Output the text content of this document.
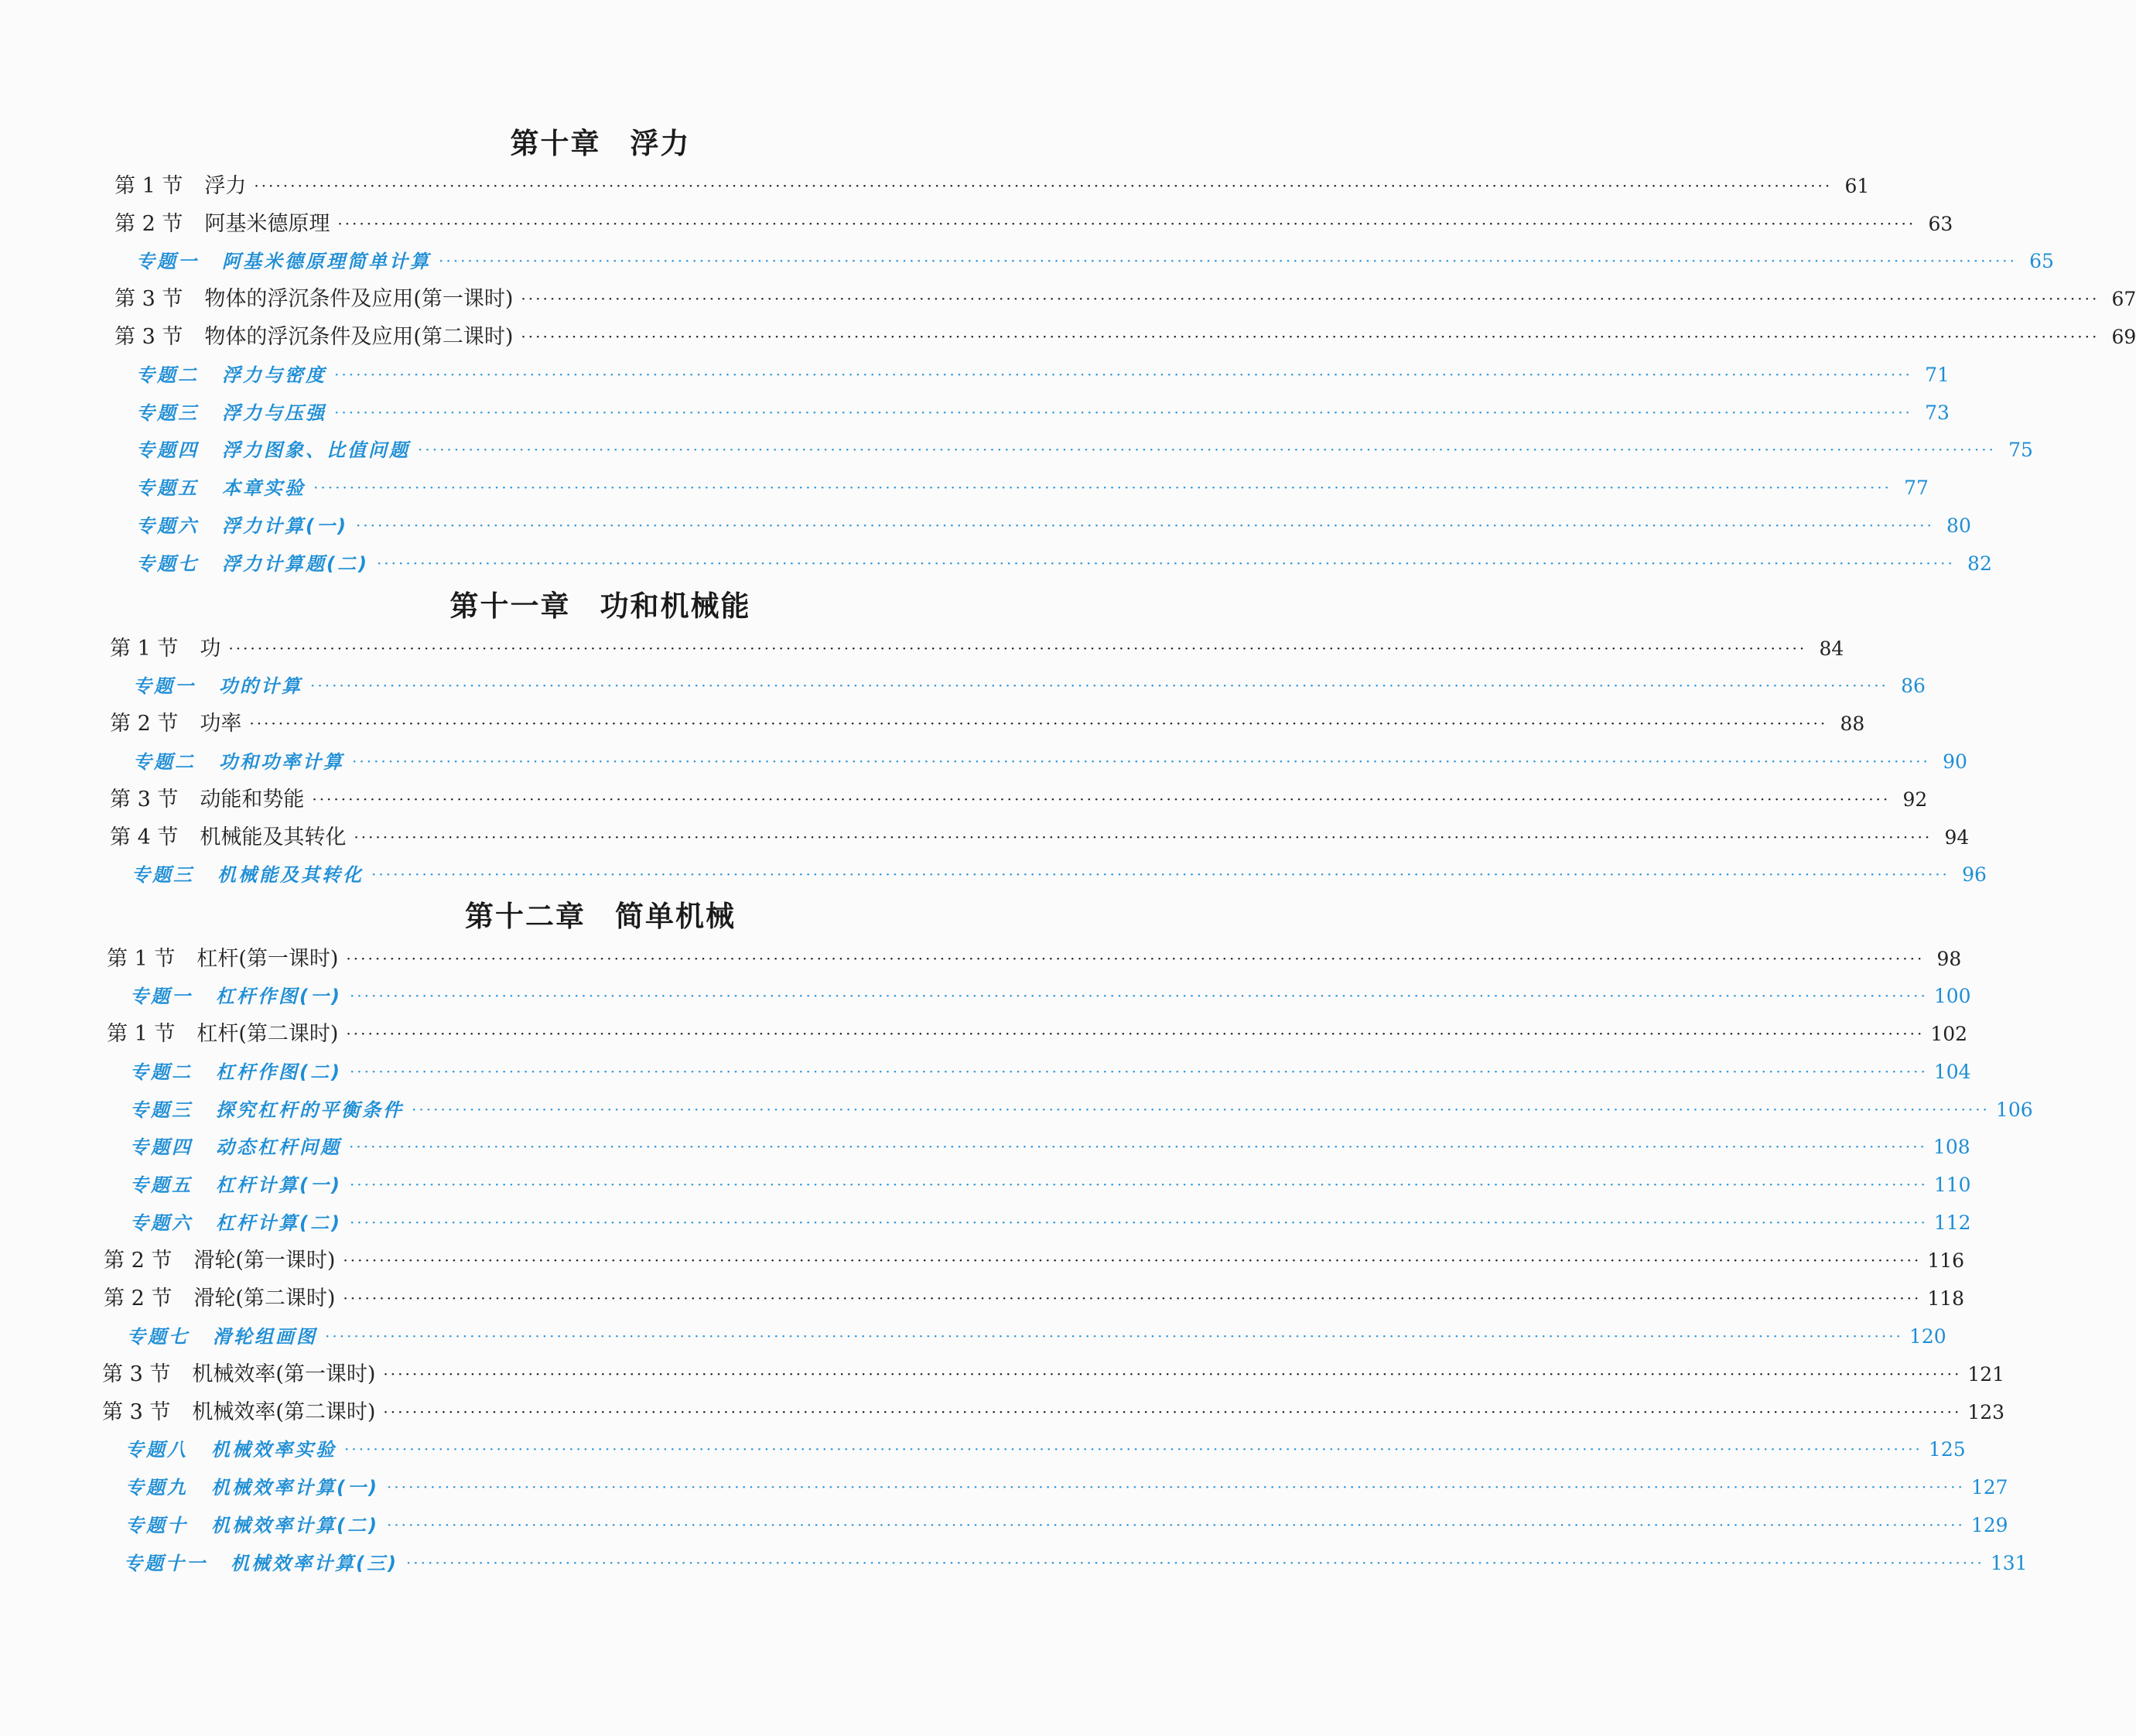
第十章 浮力
第 1 节 浮力 ·························································································································································································································· 61
第 2 节 阿基米德原理 ·························································································································································································································· 63
专题一 阿基米德原理简单计算 ·························································································································································································································· 65
第 3 节 物体的浮沉条件及应用(第一课时) ·························································································································································································································· 67
第 3 节 物体的浮沉条件及应用(第二课时) ·························································································································································································································· 69
专题二 浮力与密度 ·························································································································································································································· 71
专题三 浮力与压强 ·························································································································································································································· 73
专题四 浮力图象、比值问题 ·························································································································································································································· 75
专题五 本章实验 ·························································································································································································································· 77
专题六 浮力计算(一) ·························································································································································································································· 80
专题七 浮力计算题(二) ·························································································································································································································· 82
第十一章 功和机械能
第 1 节 功 ·························································································································································································································· 84
专题一 功的计算 ·························································································································································································································· 86
第 2 节 功率 ·························································································································································································································· 88
专题二 功和功率计算 ·························································································································································································································· 90
第 3 节 动能和势能 ·························································································································································································································· 92
第 4 节 机械能及其转化 ·························································································································································································································· 94
专题三 机械能及其转化 ·························································································································································································································· 96
第十二章 简单机械
第 1 节 杠杆(第一课时) ·························································································································································································································· 98
专题一 杠杆作图(一) ·························································································································································································································· 100
第 1 节 杠杆(第二课时) ·························································································································································································································· 102
专题二 杠杆作图(二) ·························································································································································································································· 104
专题三 探究杠杆的平衡条件 ·························································································································································································································· 106
专题四 动态杠杆问题 ·························································································································································································································· 108
专题五 杠杆计算(一) ·························································································································································································································· 110
专题六 杠杆计算(二) ·························································································································································································································· 112
第 2 节 滑轮(第一课时) ·························································································································································································································· 116
第 2 节 滑轮(第二课时) ·························································································································································································································· 118
专题七 滑轮组画图 ·························································································································································································································· 120
第 3 节 机械效率(第一课时) ·························································································································································································································· 121
第 3 节 机械效率(第二课时) ·························································································································································································································· 123
专题八 机械效率实验 ·························································································································································································································· 125
专题九 机械效率计算(一) ·························································································································································································································· 127
专题十 机械效率计算(二) ·························································································································································································································· 129
专题十一 机械效率计算(三) ·························································································································································································································· 131
